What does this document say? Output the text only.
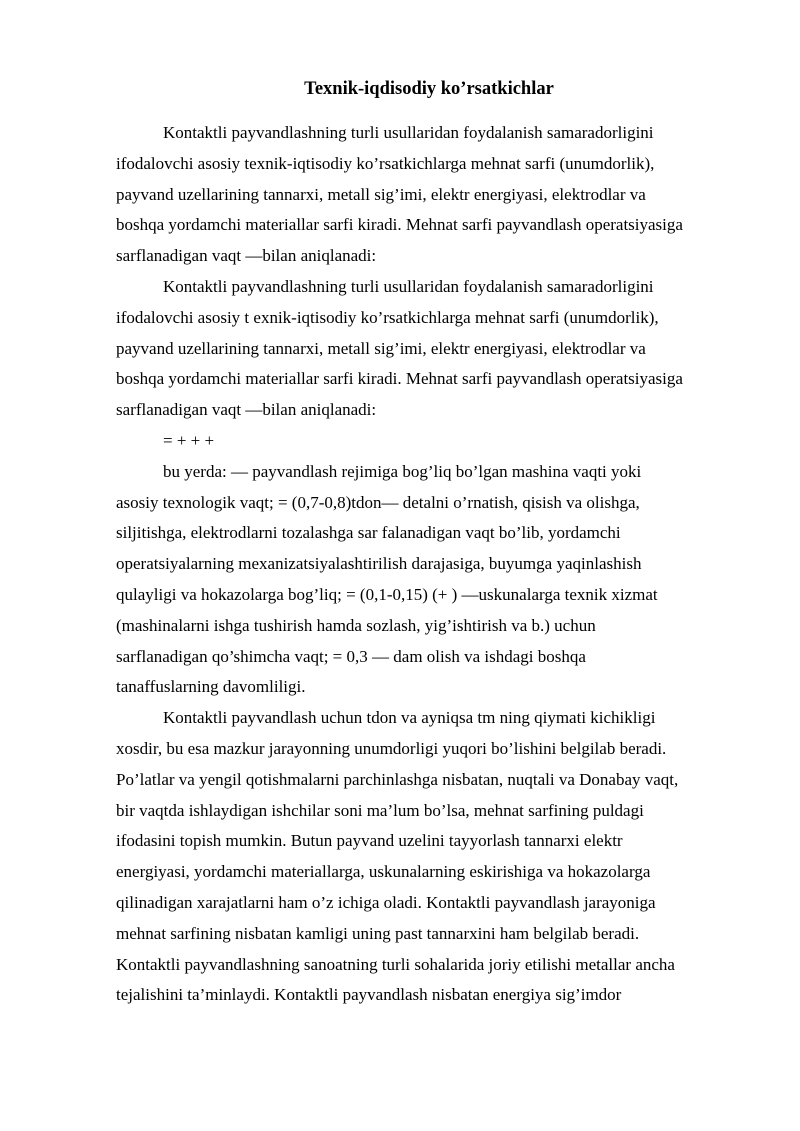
Texnik-iqdisodiy ko’rsatkichlar
Kontaktli payvandlashning turli usullaridan foydalanish samaradorligini
ifodalovchi asosiy texnik-iqtisodiy ko’rsatkichlarga mehnat sarfi (unumdorlik),
payvand uzellarining tannarxi, metall sig’imi, elektr energiyasi, elektrodlar va
boshqa yordamchi materiallar sarfi kiradi. Mehnat sarfi payvandlash operatsiyasiga
sarflanadigan vaqt —bilan aniqlanadi:
Kontaktli payvandlashning turli usullaridan foydalanish samaradorligini
ifodalovchi asosiy t exnik-iqtisodiy ko’rsatkichlarga mehnat sarfi (unumdorlik),
payvand uzellarining tannarxi, metall sig’imi, elektr energiyasi, elektrodlar va
boshqa yordamchi materiallar sarfi kiradi. Mehnat sarfi payvandlash operatsiyasiga
sarflanadigan vaqt —bilan aniqlanadi:
= + + +
bu yerda: — payvandlash rejimiga bog’liq bo’lgan mashina vaqti yoki
asosiy texnologik vaqt; = (0,7-0,8)tdon— detalni o’rnatish, qisish va olishga,
siljitishga, elektrodlarni tozalashga sar falanadigan vaqt bo’lib, yordamchi
operatsiyalarning mexanizatsiyalashtirilish darajasiga, buyumga yaqinlashish
qulayligi va hokazolarga bog’liq; = (0,1-0,15) (+ ) —uskunalarga texnik xizmat
(mashinalarni ishga tushirish hamda sozlash, yig’ishtirish va b.) uchun
sarflanadigan qo’shimcha vaqt; = 0,3 — dam olish va ishdagi boshqa
tanaffuslarning davomliligi.
Kontaktli payvandlash uchun tdon va ayniqsa tm ning qiymati kichikligi
xosdir, bu esa mazkur jarayonning unumdorligi yuqori bo’lishini belgilab beradi.
Po’latlar va yengil qotishmalarni parchinlashga nisbatan, nuqtali va Donabay vaqt,
bir vaqtda ishlaydigan ishchilar soni ma’lum bo’lsa, mehnat sarfining puldagi
ifodasini topish mumkin. Butun payvand uzelini tayyorlash tannarxi elektr
energiyasi, yordamchi materiallarga, uskunalarning eskirishiga va hokazolarga
qilinadigan xarajatlarni ham o’z ichiga oladi. Kontaktli payvandlash jarayoniga
mehnat sarfining nisbatan kamligi uning past tannarxini ham belgilab beradi.
Kontaktli payvandlashning sanoatning turli sohalarida joriy etilishi metallar ancha
tejalishini ta’minlaydi. Kontaktli payvandlash nisbatan energiya sig’imdor
